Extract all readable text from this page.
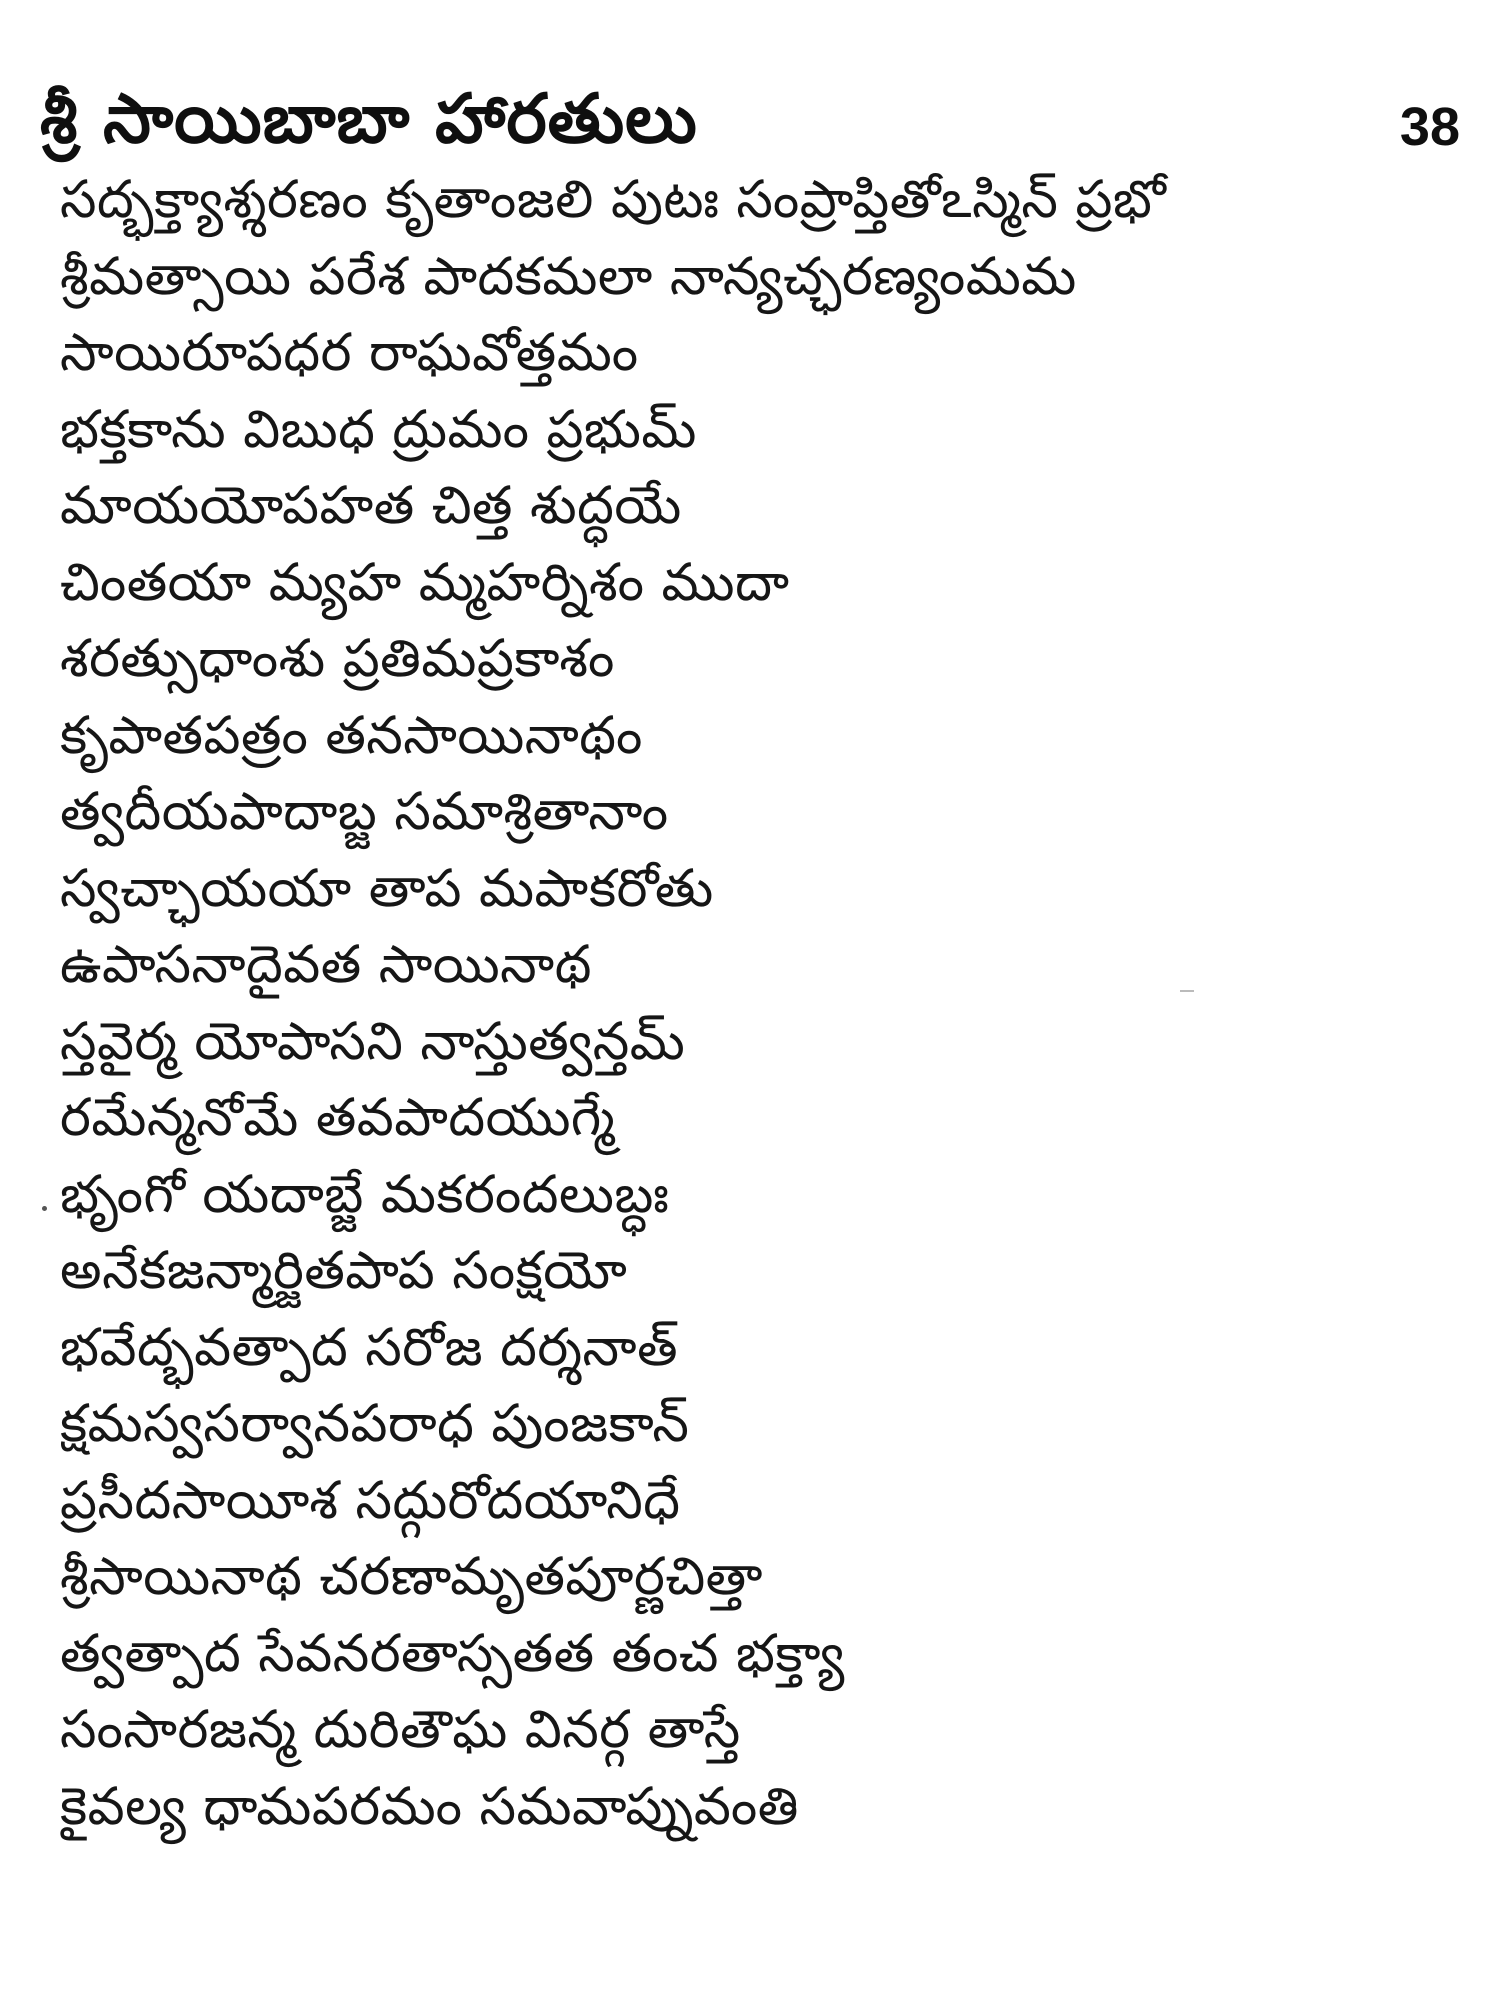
శ్రీ సాయిబాబా హారతులు	38
సద్భక్త్యాశ్శరణం కృతాంజలి పుటః సంప్రాప్తితోఽస్మిన్ ప్రభో
శ్రీమత్సాయి పరేశ పాదకమలా నాన్యచ్ఛరణ్యంమమ
సాయిరూపధర రాఘవోత్తమం
భక్తకాను విబుధ ద్రుమం ప్రభుమ్
మాయయోపహత చిత్త శుద్ధయే
చింతయా మ్యహ మ్మహర్నిశం ముదా
శరత్సుధాంశు ప్రతిమప్రకాశం
కృపాతపత్రం తనసాయినాథం
త్వదీయపాదాబ్జ సమాశ్రితానాం
స్వచ్ఛాయయా తాప మపాకరోతు
ఉపాసనాదైవత సాయినాథ
స్తవైర్మ యోపాసని నాస్తుత్వన్తమ్
రమేన్మనోమే తవపాదయుగ్మే
భృంగో యదాబ్జే మకరందలుబ్ధః
అనేకజన్మార్జితపాప సంక్షయో
భవేద్భవత్పాద సరోజ దర్శనాత్
క్షమస్వసర్వానపరాధ పుంజకాన్
ప్రసీదసాయీశ సద్గురోదయానిధే
శ్రీసాయినాథ చరణామృతపూర్ణచిత్తా
త్వత్పాద సేవనరతాస్సతత తంచ భక్త్యా
సంసారజన్మ దురితౌఘ వినర్గ తాస్తే
కైవల్య ధామపరమం సమవాప్నువంతి
